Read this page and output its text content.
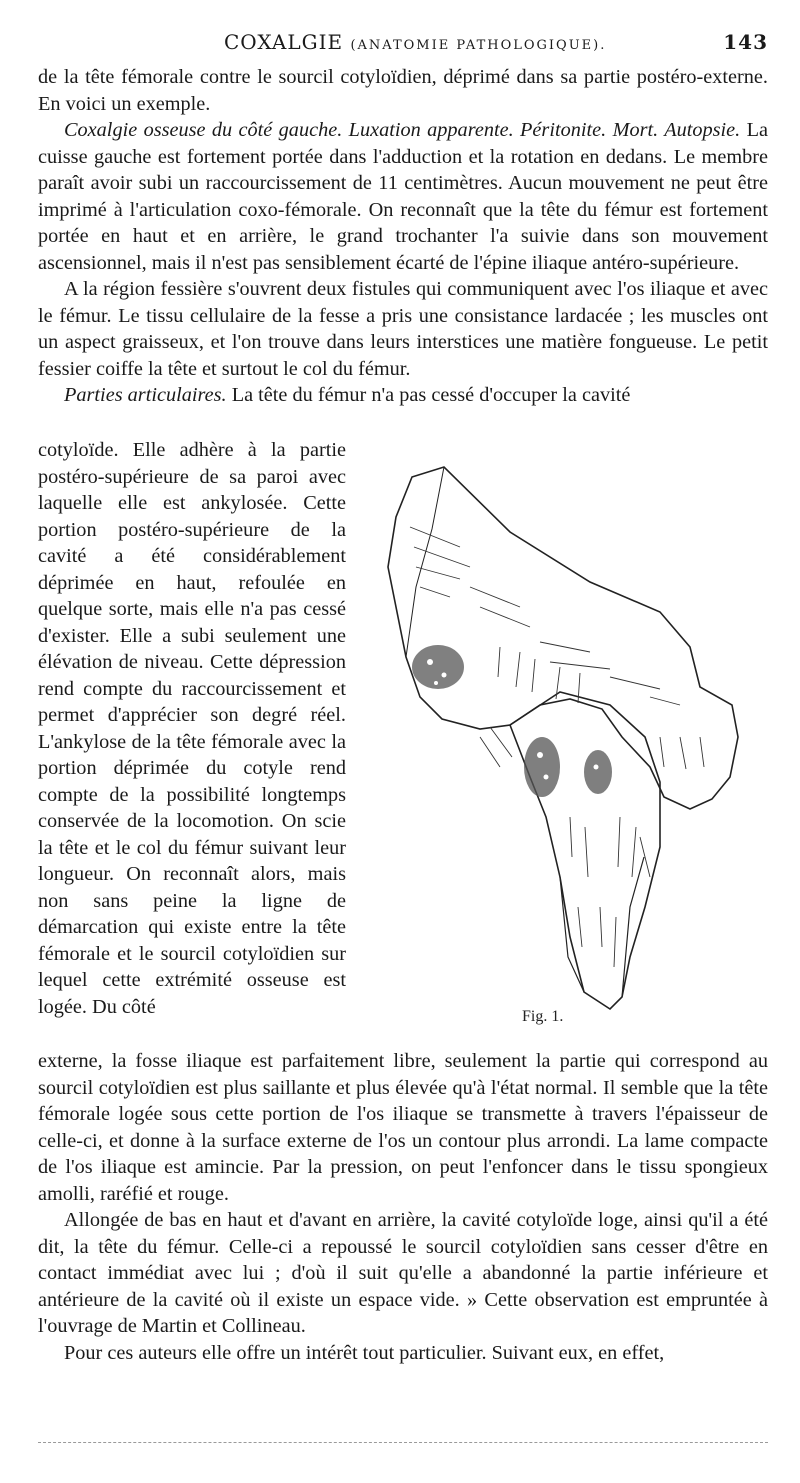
COXALGIE (ANATOMIE PATHOLOGIQUE).	143

de la tête fémorale contre le sourcil cotyloïdien, déprimé dans sa partie postéro-externe. En voici un exemple.

Coxalgie osseuse du côté gauche. Luxation apparente. Péritonite. Mort. Autopsie. La cuisse gauche est fortement portée dans l'adduction et la rotation en dedans. Le membre paraît avoir subi un raccourcissement de 11 centimètres. Aucun mouvement ne peut être imprimé à l'articulation coxo-fémorale. On reconnaît que la tête du fémur est fortement portée en haut et en arrière, le grand trochanter l'a suivie dans son mouvement ascensionnel, mais il n'est pas sensiblement écarté de l'épine iliaque antéro-supérieure.

A la région fessière s'ouvrent deux fistules qui communiquent avec l'os iliaque et avec le fémur. Le tissu cellulaire de la fesse a pris une consistance lardacée ; les muscles ont un aspect graisseux, et l'on trouve dans leurs interstices une matière fongueuse. Le petit fessier coiffe la tête et surtout le col du fémur.

Parties articulaires. La tête du fémur n'a pas cessé d'occuper la cavité

cotyloïde. Elle adhère à la partie postéro-supérieure de sa paroi avec laquelle elle est ankylosée. Cette portion postéro-supérieure de la cavité a été considérablement déprimée en haut, refoulée en quelque sorte, mais elle n'a pas cessé d'exister. Elle a subi seulement une élévation de niveau. Cette dépression rend compte du raccourcissement et permet d'apprécier son degré réel. L'ankylose de la tête fémorale avec la portion déprimée du cotyle rend compte de la possibilité longtemps conservée de la locomotion. On scie la tête et le col du fémur suivant leur longueur. On reconnaît alors, mais non sans peine la ligne de démarcation qui existe entre la tête fémorale et le sourcil cotyloïdien sur lequel cette extrémité osseuse est logée. Du côté	Fig. 1.

externe, la fosse iliaque est parfaitement libre, seulement la partie qui correspond au sourcil cotyloïdien est plus saillante et plus élevée qu'à l'état normal. Il semble que la tête fémorale logée sous cette portion de l'os iliaque se transmette à travers l'épaisseur de celle-ci, et donne à la surface externe de l'os un contour plus arrondi. La lame compacte de l'os iliaque est amincie. Par la pression, on peut l'enfoncer dans le tissu spongieux amolli, raréfié et rouge.

Allongée de bas en haut et d'avant en arrière, la cavité cotyloïde loge, ainsi qu'il a été dit, la tête du fémur. Celle-ci a repoussé le sourcil cotyloïdien sans cesser d'être en contact immédiat avec lui ; d'où il suit qu'elle a abandonné la partie inférieure et antérieure de la cavité où il existe un espace vide. » Cette observation est empruntée à l'ouvrage de Martin et Collineau.

Pour ces auteurs elle offre un intérêt tout particulier. Suivant eux, en effet,
